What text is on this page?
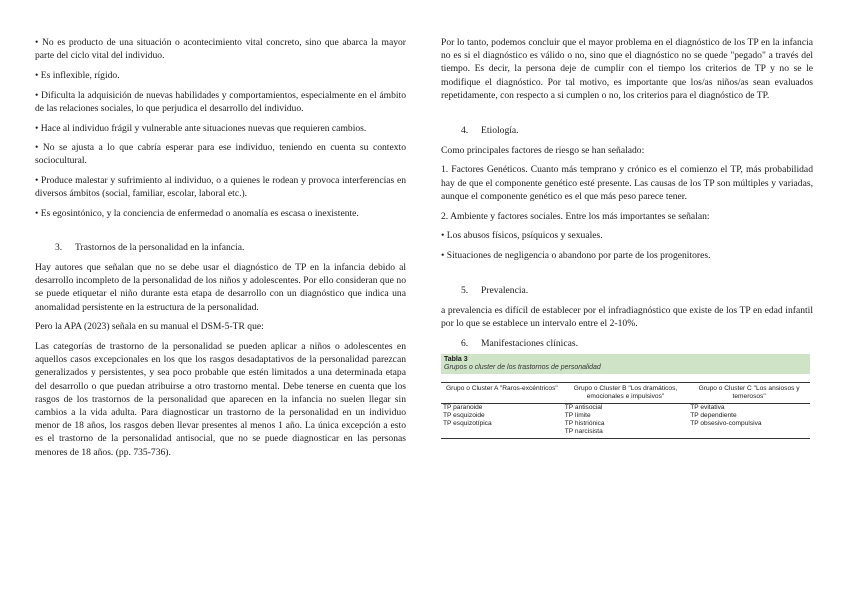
• No es producto de una situación o acontecimiento vital concreto, sino que abarca la mayor parte del ciclo vital del individuo.

• Es inflexible, rígido.

• Dificulta la adquisición de nuevas habilidades y comportamientos, especialmente en el ámbito de las relaciones sociales, lo que perjudica el desarrollo del individuo.

• Hace al individuo frágil y vulnerable ante situaciones nuevas que requieren cambios.

• No se ajusta a lo que cabría esperar para ese individuo, teniendo en cuenta su contexto sociocultural.

• Produce malestar y sufrimiento al individuo, o a quienes le rodean y provoca interferencias en diversos ámbitos (social, familiar, escolar, laboral etc.).

• Es egosintónico, y la conciencia de enfermedad o anomalía es escasa o inexistente.

3. Trastornos de la personalidad en la infancia.

Hay autores que señalan que no se debe usar el diagnóstico de TP en la infancia debido al desarrollo incompleto de la personalidad de los niños y adolescentes. Por ello consideran que no se puede etiquetar el niño durante esta etapa de desarrollo con un diagnóstico que indica una anomalidad persistente en la estructura de la personalidad.

Pero la APA (2023) señala en su manual el DSM-5-TR que:

Las categorías de trastorno de la personalidad se pueden aplicar a niños o adolescentes en aquellos casos excepcionales en los que los rasgos desadaptativos de la personalidad parezcan generalizados y persistentes, y sea poco probable que estén limitados a una determinada etapa del desarrollo o que puedan atribuirse a otro trastorno mental. Debe tenerse en cuenta que los rasgos de los trastornos de la personalidad que aparecen en la infancia no suelen llegar sin cambios a la vida adulta. Para diagnosticar un trastorno de la personalidad en un individuo menor de 18 años, los rasgos deben llevar presentes al menos 1 año. La única excepción a esto es el trastorno de la personalidad antisocial, que no se puede diagnosticar en las personas menores de 18 años. (pp. 735-736).

Por lo tanto, podemos concluir que el mayor problema en el diagnóstico de los TP en la infancia no es si el diagnóstico es válido o no, sino que el diagnóstico no se quede "pegado" a través del tiempo. Es decir, la persona deje de cumplir con el tiempo los criterios de TP y no se le modifique el diagnóstico. Por tal motivo, es importante que los/as niños/as sean evaluados repetidamente, con respecto a si cumplen o no, los criterios para el diagnóstico de TP.

4. Etiología.

Como principales factores de riesgo se han señalado:

1. Factores Genéticos. Cuanto más temprano y crónico es el comienzo el TP, más probabilidad hay de que el componente genético esté presente. Las causas de los TP son múltiples y variadas, aunque el componente genético es el que más peso parece tener.

2. Ambiente y factores sociales. Entre los más importantes se señalan:

• Los abusos físicos, psíquicos y sexuales.

• Situaciones de negligencia o abandono por parte de los progenitores.

5. Prevalencia.

a prevalencia es difícil de establecer por el infradiagnóstico que existe de los TP en edad infantil por lo que se establece un intervalo entre el 2-10%.

6. Manifestaciones clínicas.

Tabla 3
Grupos o cluster de los trastornos de personalidad
Grupo o Cluster A "Raros-excéntricos"	Grupo o Cluster B "Los dramáticos, emocionales e impulsivos"	Grupo o Cluster C "Los ansiosos y temerosos"
TP paranoide	TP antisocial	TP evitativa
TP esquizoide	TP límite	TP dependiente
TP esquizotípica	TP histriónica	TP obsesivo-compulsiva
	TP narcisista	
